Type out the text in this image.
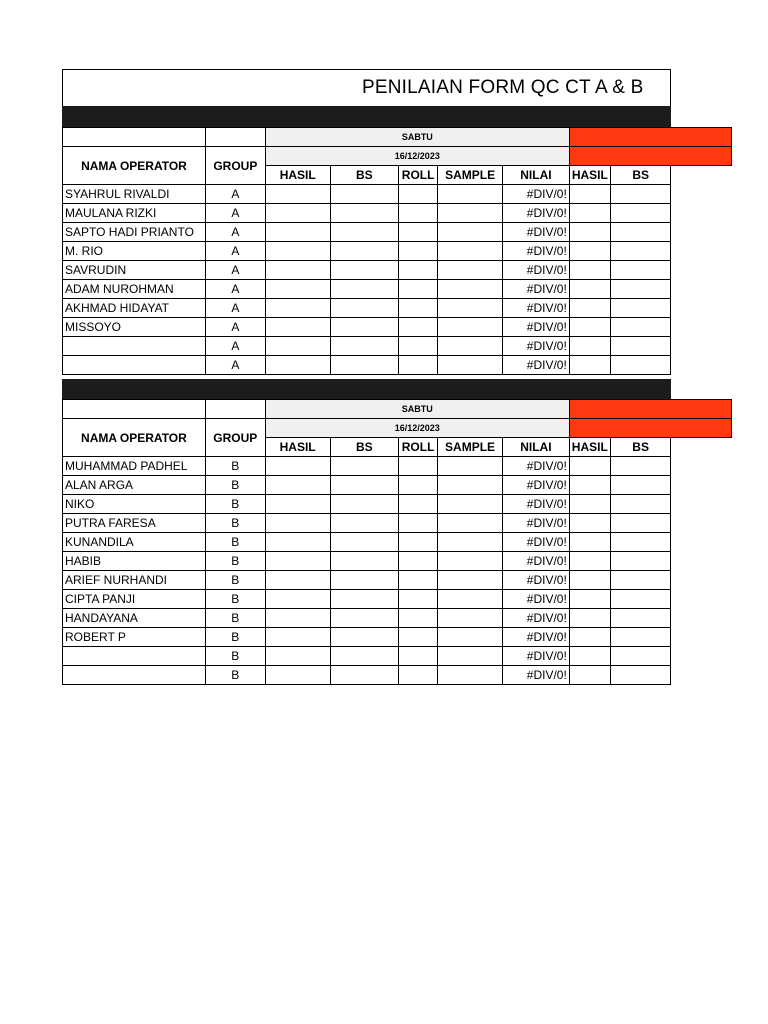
PENILAIAN FORM QC CT A & B
		SABTU							
NAMA OPERATOR	GROUP	16/12/2023							
		HASIL	BS	ROLL	SAMPLE	NILAI	HASIL	BS	
SYAHRUL RIVALDI	A					#DIV/0!			
MAULANA RIZKI	A					#DIV/0!			
SAPTO HADI PRIANTO	A					#DIV/0!			
M. RIO	A					#DIV/0!			
SAVRUDIN	A					#DIV/0!			
ADAM NUROHMAN	A					#DIV/0!			
AKHMAD HIDAYAT	A					#DIV/0!			
MISSOYO	A					#DIV/0!			
	A					#DIV/0!			
	A					#DIV/0!			
		SABTU							
NAMA OPERATOR	GROUP	16/12/2023							
		HASIL	BS	ROLL	SAMPLE	NILAI	HASIL	BS	
MUHAMMAD PADHEL	B					#DIV/0!			
ALAN ARGA	B					#DIV/0!			
NIKO	B					#DIV/0!			
PUTRA FARESA	B					#DIV/0!			
KUNANDILA	B					#DIV/0!			
HABIB	B					#DIV/0!			
ARIEF NURHANDI	B					#DIV/0!			
CIPTA PANJI	B					#DIV/0!			
HANDAYANA	B					#DIV/0!			
ROBERT P	B					#DIV/0!			
	B					#DIV/0!			
	B					#DIV/0!			
